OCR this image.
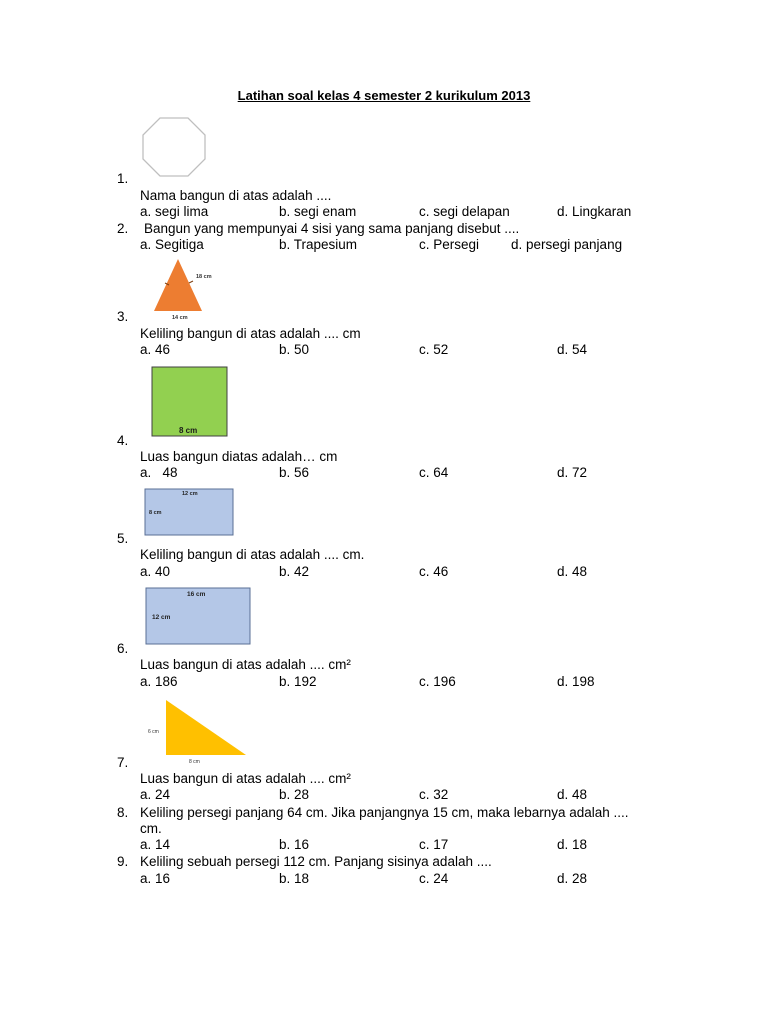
Latihan soal kelas 4 semester 2 kurikulum 2013
1.
Nama bangun di atas adalah ....
a. segi lima	b. segi enam	c. segi delapan	d. Lingkaran
2. Bangun yang mempunyai 4 sisi yang sama panjang disebut ....
a. Segitiga	b. Trapesium	c. Persegi d. persegi panjang
18 cm
14 cm
3.
Keliling bangun di atas adalah .... cm
a. 46	b. 50	c. 52	d. 54
8 cm
4.
Luas bangun diatas adalah… cm
a.   48	b. 56	c. 64	d. 72
12 cm
8 cm
5.
Keliling bangun di atas adalah .... cm.
a. 40	b. 42	c. 46	d. 48
16 cm
12 cm
6.
Luas bangun di atas adalah .... cm²
a. 186	b. 192	c. 196	d. 198
6 cm
8 cm
7.
Luas bangun di atas adalah .... cm²
a. 24	b. 28	c. 32	d. 48
8. Keliling persegi panjang 64 cm. Jika panjangnya 15 cm, maka lebarnya adalah ....
cm.
a. 14	b. 16	c. 17	d. 18
9. Keliling sebuah persegi 112 cm. Panjang sisinya adalah ....
a. 16	b. 18	c. 24	d. 28
